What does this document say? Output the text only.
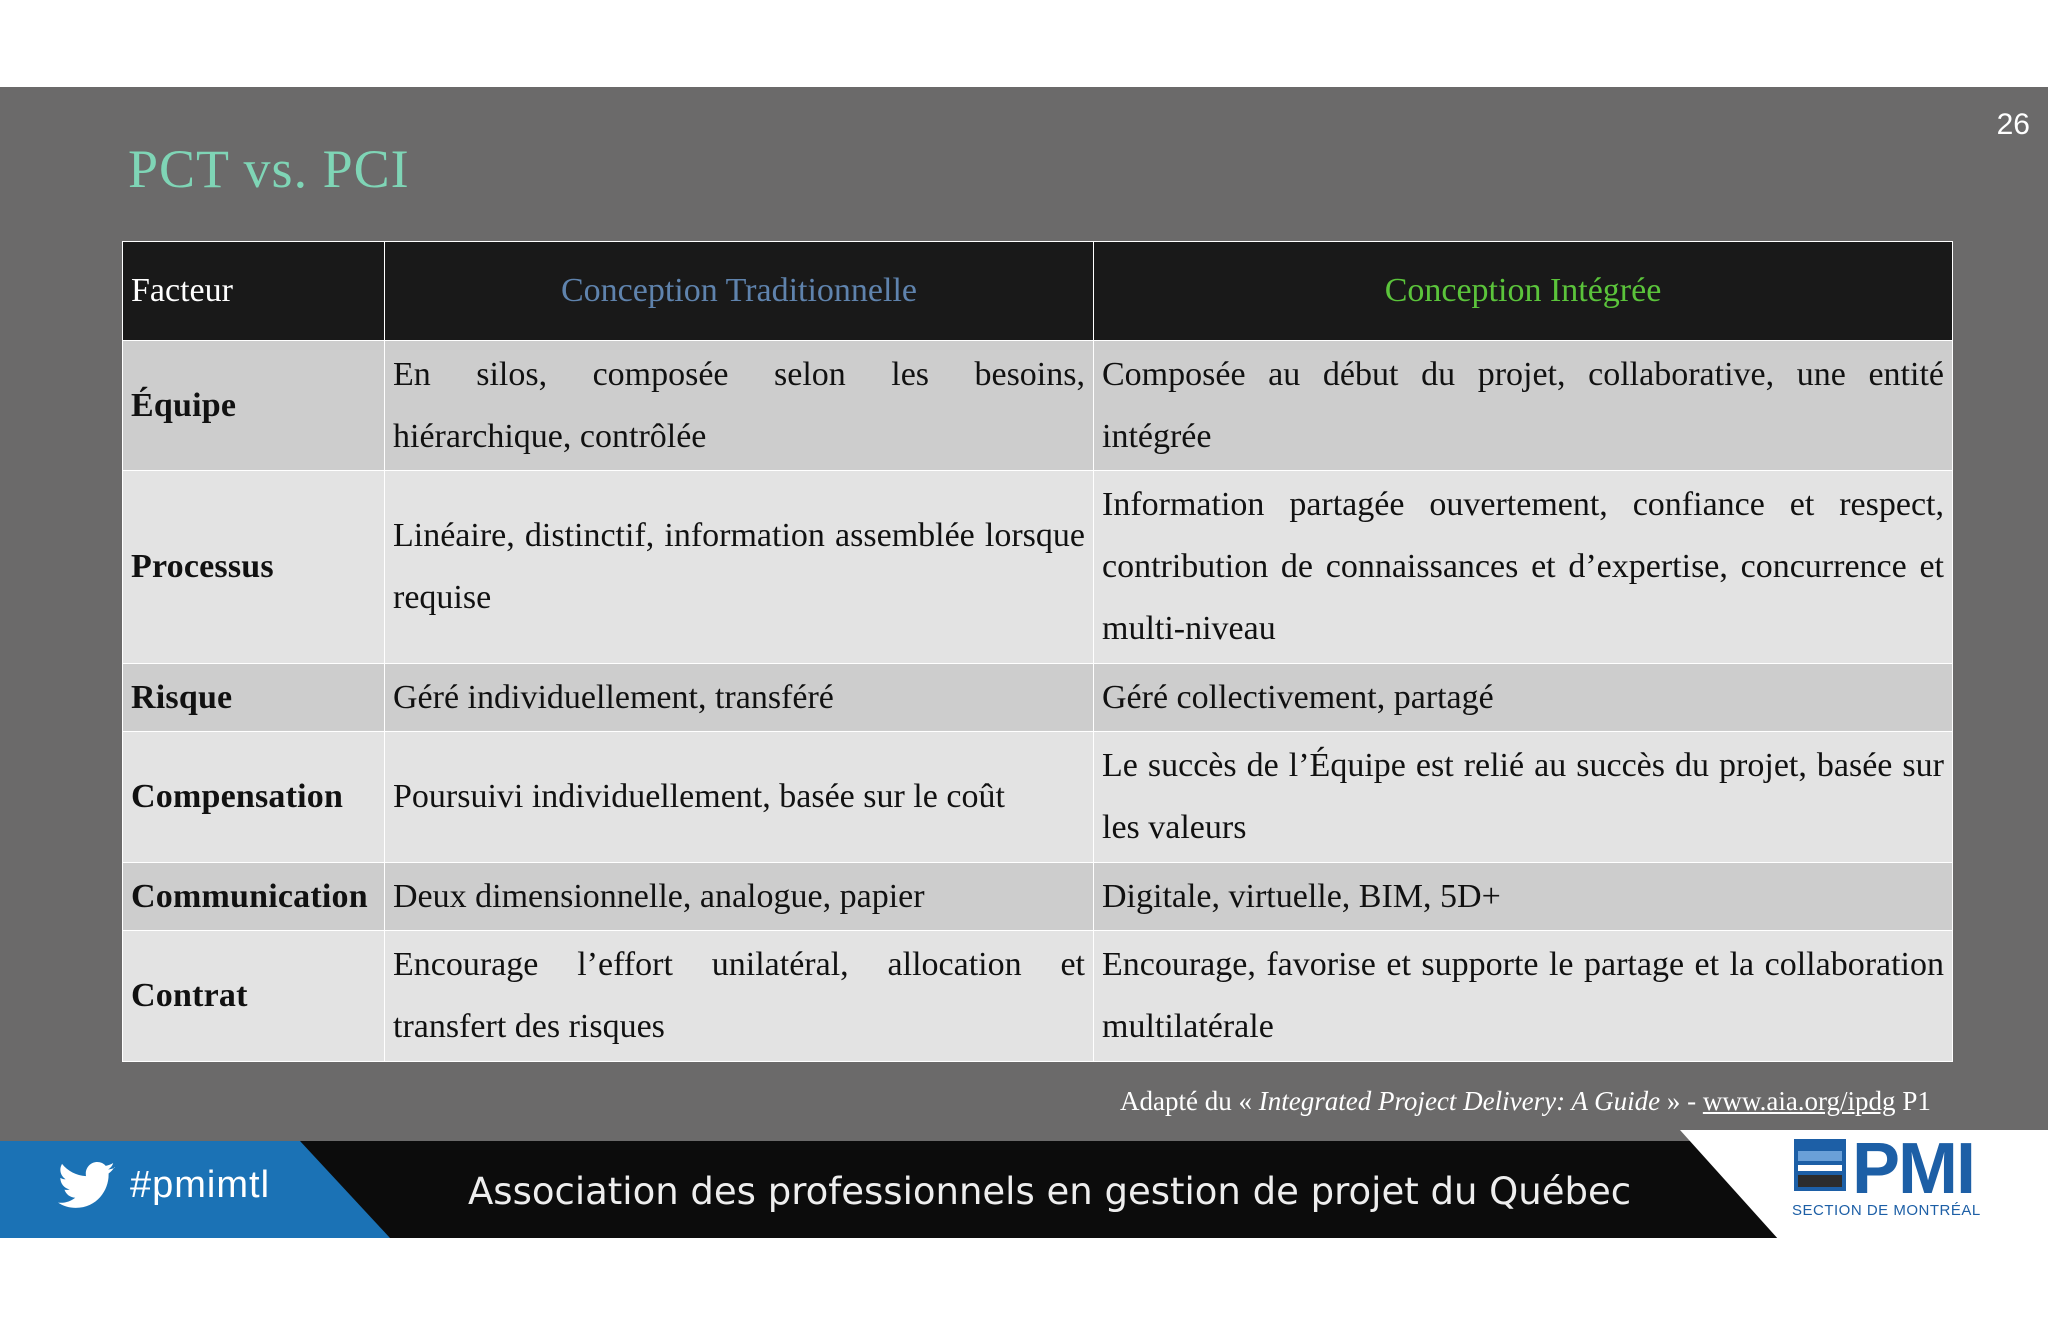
26
PCT vs. PCI
Facteur	Conception Traditionnelle	Conception Intégrée
Équipe	En silos, composée selon les besoins, hiérarchique, contrôlée	Composée au début du projet, collaborative, une entité intégrée
Processus	Linéaire, distinctif, information assemblée lorsque requise	Information partagée ouvertement, confiance et respect, contribution de connaissances et d’expertise, concurrence et multi-niveau
Risque	Géré individuellement, transféré	Géré collectivement, partagé
Compensation	Poursuivi individuellement, basée sur le coût	Le succès de l’Équipe est relié au succès du projet, basée sur les valeurs
Communication	Deux dimensionnelle, analogue, papier	Digitale, virtuelle, BIM, 5D+
Contrat	Encourage l’effort unilatéral, allocation et transfert des risques	Encourage, favorise et supporte le partage et la collaboration multilatérale
Adapté du « Integrated Project Delivery: A Guide » - www.aia.org/ipdg P1
#pmimtl	Association des professionnels en gestion de projet du Québec	PMI
SECTION DE MONTRÉAL
